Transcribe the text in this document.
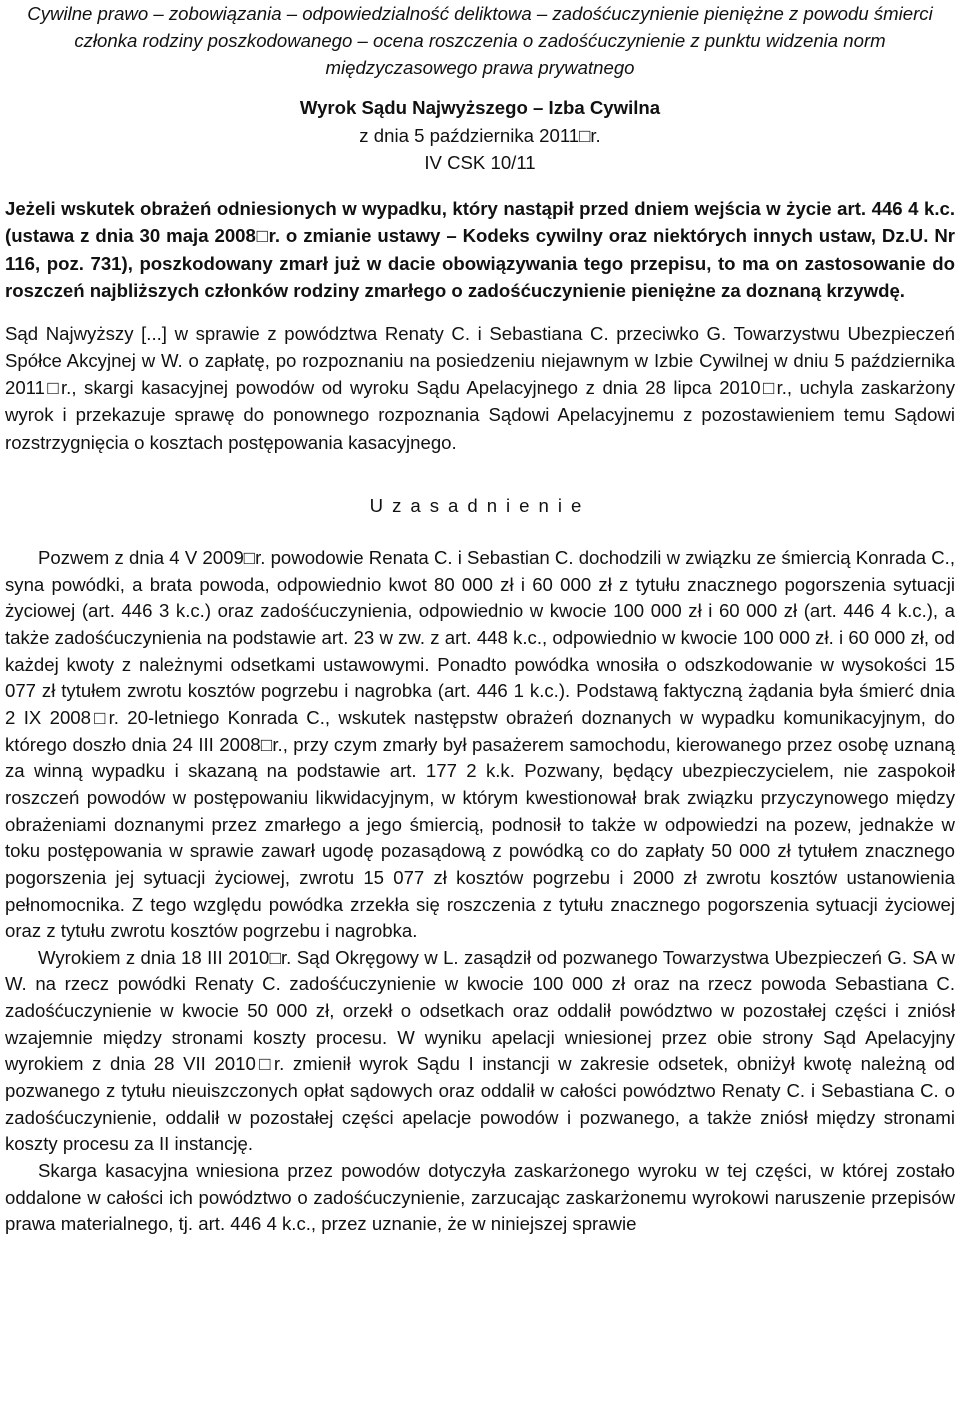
Cywilne prawo – zobowiązania – odpowiedzialność deliktowa – zadośćuczynienie pieniężne z powodu śmierci członka rodziny poszkodowanego – ocena roszczenia o zadośćuczynienie z punktu widzenia norm międzyczasowego prawa prywatnego

Wyrok Sądu Najwyższego – Izba Cywilna

z dnia 5 października 2011□r.

IV CSK 10/11

Jeżeli wskutek obrażeń odniesionych w wypadku, który nastąpił przed dniem wejścia w życie art. 446 4 k.c. (ustawa z dnia 30 maja 2008□r. o zmianie ustawy – Kodeks cywilny oraz niektórych innych ustaw, Dz.U. Nr 116, poz. 731), poszkodowany zmarł już w dacie obowiązywania tego przepisu, to ma on zastosowanie do roszczeń najbliższych członków rodziny zmarłego o zadośćuczynienie pieniężne za doznaną krzywdę.

Sąd Najwyższy [...] w sprawie z powództwa Renaty C. i Sebastiana C. przeciwko G. Towarzystwu Ubezpieczeń Spółce Akcyjnej w W. o zapłatę, po rozpoznaniu na posiedzeniu niejawnym w Izbie Cywilnej w dniu 5 października 2011□r., skargi kasacyjnej powodów od wyroku Sądu Apelacyjnego z dnia 28 lipca 2010□r., uchyla zaskarżony wyrok i przekazuje sprawę do ponownego rozpoznania Sądowi Apelacyjnemu z pozostawieniem temu Sądowi rozstrzygnięcia o kosztach postępowania kasacyjnego.

Uzasadnienie

Pozwem z dnia 4 V 2009□r. powodowie Renata C. i Sebastian C. dochodzili w związku ze śmiercią Konrada C., syna powódki, a brata powoda, odpowiednio kwot 80 000 zł i 60 000 zł z tytułu znacznego pogorszenia sytuacji życiowej (art. 446 3 k.c.) oraz zadośćuczynienia, odpowiednio w kwocie 100 000 zł i 60 000 zł (art. 446 4 k.c.), a także zadośćuczynienia na podstawie art. 23 w zw. z art. 448 k.c., odpowiednio w kwocie 100 000 zł. i 60 000 zł, od każdej kwoty z należnymi odsetkami ustawowymi. Ponadto powódka wnosiła o odszkodowanie w wysokości 15 077 zł tytułem zwrotu kosztów pogrzebu i nagrobka (art. 446 1 k.c.). Podstawą faktyczną żądania była śmierć dnia 2 IX 2008□r. 20-letniego Konrada C., wskutek następstw obrażeń doznanych w wypadku komunikacyjnym, do którego doszło dnia 24 III 2008□r., przy czym zmarły był pasażerem samochodu, kierowanego przez osobę uznaną za winną wypadku i skazaną na podstawie art. 177 2 k.k. Pozwany, będący ubezpieczycielem, nie zaspokoił roszczeń powodów w postępowaniu likwidacyjnym, w którym kwestionował brak związku przyczynowego między obrażeniami doznanymi przez zmarłego a jego śmiercią, podnosił to także w odpowiedzi na pozew, jednakże w toku postępowania w sprawie zawarł ugodę pozasądową z powódką co do zapłaty 50 000 zł tytułem znacznego pogorszenia jej sytuacji życiowej, zwrotu 15 077 zł kosztów pogrzebu i 2000 zł zwrotu kosztów ustanowienia pełnomocnika. Z tego względu powódka zrzekła się roszczenia z tytułu znacznego pogorszenia sytuacji życiowej oraz z tytułu zwrotu kosztów pogrzebu i nagrobka.

Wyrokiem z dnia 18 III 2010□r. Sąd Okręgowy w L. zasądził od pozwanego Towarzystwa Ubezpieczeń G. SA w W. na rzecz powódki Renaty C. zadośćuczynienie w kwocie 100 000 zł oraz na rzecz powoda Sebastiana C. zadośćuczynienie w kwocie 50 000 zł, orzekł o odsetkach oraz oddalił powództwo w pozostałej części i zniósł wzajemnie między stronami koszty procesu. W wyniku apelacji wniesionej przez obie strony Sąd Apelacyjny wyrokiem z dnia 28 VII 2010□r. zmienił wyrok Sądu I instancji w zakresie odsetek, obniżył kwotę należną od pozwanego z tytułu nieuiszczonych opłat sądowych oraz oddalił w całości powództwo Renaty C. i Sebastiana C. o zadośćuczynienie, oddalił w pozostałej części apelacje powodów i pozwanego, a także zniósł między stronami koszty procesu za II instancję.

Skarga kasacyjna wniesiona przez powodów dotyczyła zaskarżonego wyroku w tej części, w której zostało oddalone w całości ich powództwo o zadośćuczynienie, zarzucając zaskarżonemu wyrokowi naruszenie przepisów prawa materialnego, tj. art. 446 4 k.c., przez uznanie, że w niniejszej sprawie
